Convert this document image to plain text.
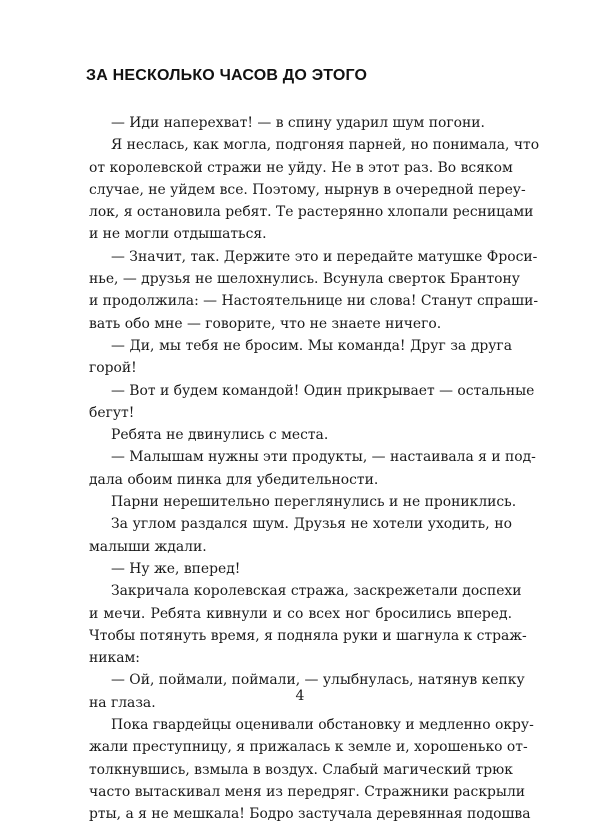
ЗА НЕСКОЛЬКО ЧАСОВ ДО ЭТОГО
— Иди наперехват! — в спину ударил шум погони.
Я неслась, как могла, подгоняя парней, но понимала, что
от королевской стражи не уйду. Не в этот раз. Во всяком
случае, не уйдем все. Поэтому, нырнув в очередной переу-
лок, я остановила ребят. Те растерянно хлопали ресницами
и не могли отдышаться.
— Значит, так. Держите это и передайте матушке Фроси-
нье, — друзья не шелохнулись. Всунула сверток Брантону
и продолжила: — Настоятельнице ни слова! Станут спраши-
вать обо мне — говорите, что не знаете ничего.
— Ди, мы тебя не бросим. Мы команда! Друг за друга
горой!
— Вот и будем командой! Один прикрывает — остальные
бегут!
Ребята не двинулись с места.
— Малышам нужны эти продукты, — настаивала я и под-
дала обоим пинка для убедительности.
Парни нерешительно переглянулись и не прониклись.
За углом раздался шум. Друзья не хотели уходить, но
малыши ждали.
— Ну же, вперед!
Закричала королевская стража, заскрежетали доспехи
и мечи. Ребята кивнули и со всех ног бросились вперед.
Чтобы потянуть время, я подняла руки и шагнула к страж-
никам:
— Ой, поймали, поймали, — улыбнулась, натянув кепку
на глаза.
Пока гвардейцы оценивали обстановку и медленно окру-
жали преступницу, я прижалась к земле и, хорошенько от-
толкнувшись, взмыла в воздух. Слабый магический трюк
часто вытаскивал меня из передряг. Стражники раскрыли
рты, а я не мешкала! Бодро застучала деревянная подошва
4
